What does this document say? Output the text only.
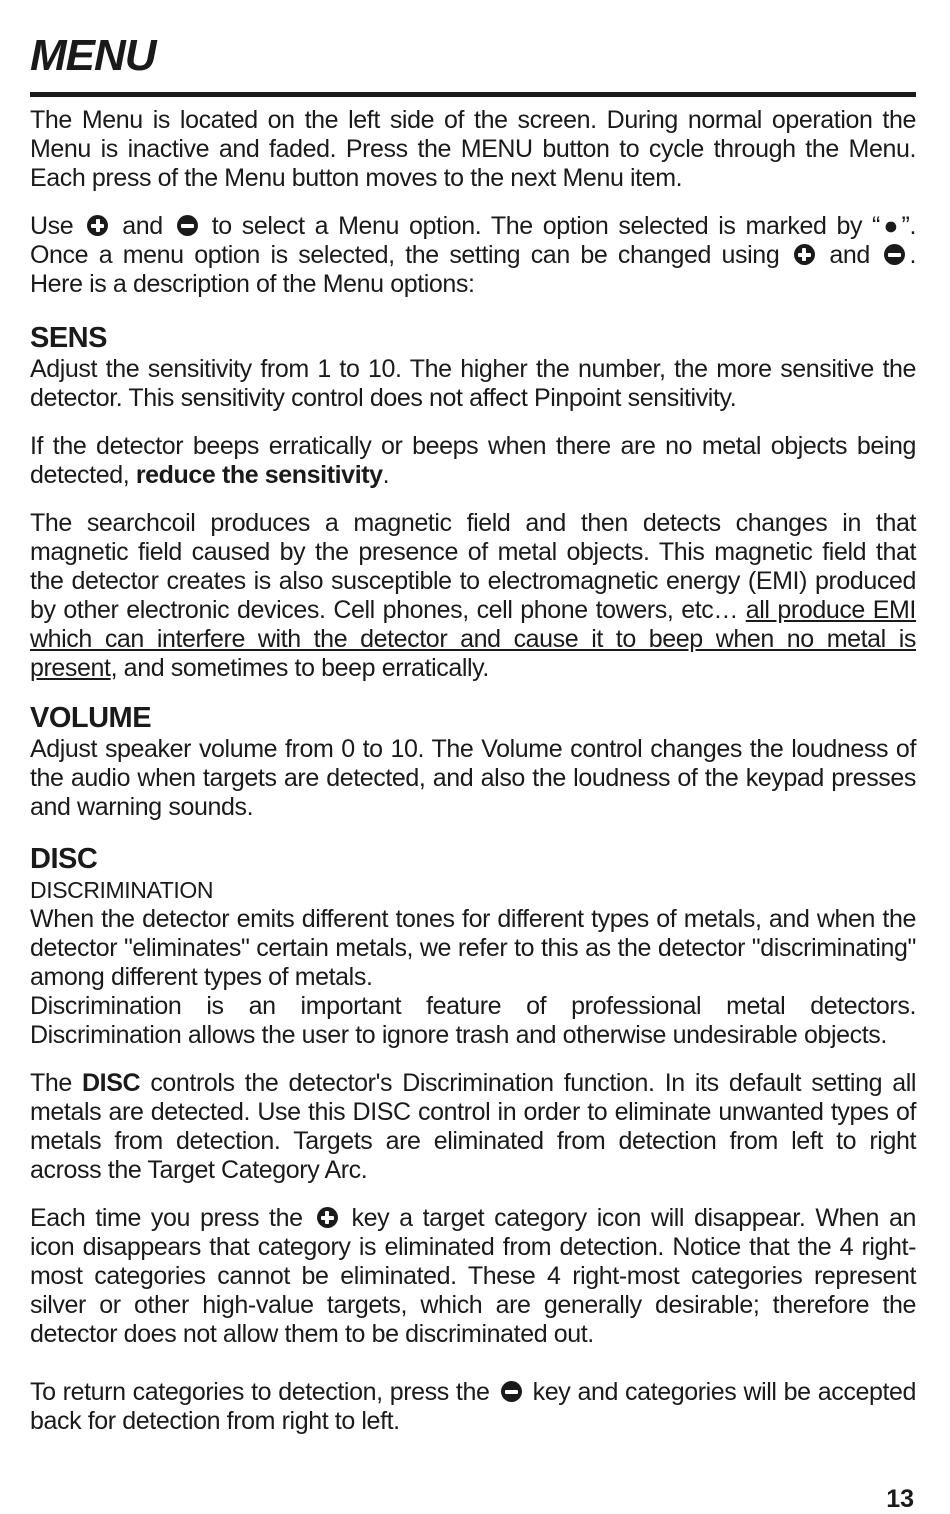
MENU

The Menu is located on the left side of the screen. During normal operation the Menu is inactive and faded. Press the MENU button to cycle through the Menu. Each press of the Menu button moves to the next Menu item.

Use and to select a Menu option. The option selected is marked by “●”. Once a menu option is selected, the setting can be changed using and . Here is a description of the Menu options:

SENS

Adjust the sensitivity from 1 to 10. The higher the number, the more sensitive the detector. This sensitivity control does not affect Pinpoint sensitivity.

If the detector beeps erratically or beeps when there are no metal objects being detected, reduce the sensitivity.

The searchcoil produces a magnetic field and then detects changes in that magnetic field caused by the presence of metal objects. This magnetic field that the detector creates is also susceptible to electromagnetic energy (EMI) produced by other electronic devices. Cell phones, cell phone towers, etc… all produce EMI which can interfere with the detector and cause it to beep when no metal is present, and sometimes to beep erratically.

VOLUME

Adjust speaker volume from 0 to 10. The Volume control changes the loudness of the audio when targets are detected, and also the loudness of the keypad presses and warning sounds.

DISC
DISCRIMINATION

When the detector emits different tones for different types of metals, and when the detector "eliminates" certain metals, we refer to this as the detector "discriminating" among different types of metals.

Discrimination is an important feature of professional metal detectors. Discrimination allows the user to ignore trash and otherwise undesirable objects.

The DISC controls the detector's Discrimination function. In its default setting all metals are detected. Use this DISC control in order to eliminate unwanted types of metals from detection. Targets are eliminated from detection from left to right across the Target Category Arc.

Each time you press the key a target category icon will disappear. When an icon disappears that category is eliminated from detection. Notice that the 4 right-most categories cannot be eliminated. These 4 right-most categories represent silver or other high-value targets, which are generally desirable; therefore the detector does not allow them to be discriminated out.

To return categories to detection, press the key and categories will be accepted back for detection from right to left.

13
